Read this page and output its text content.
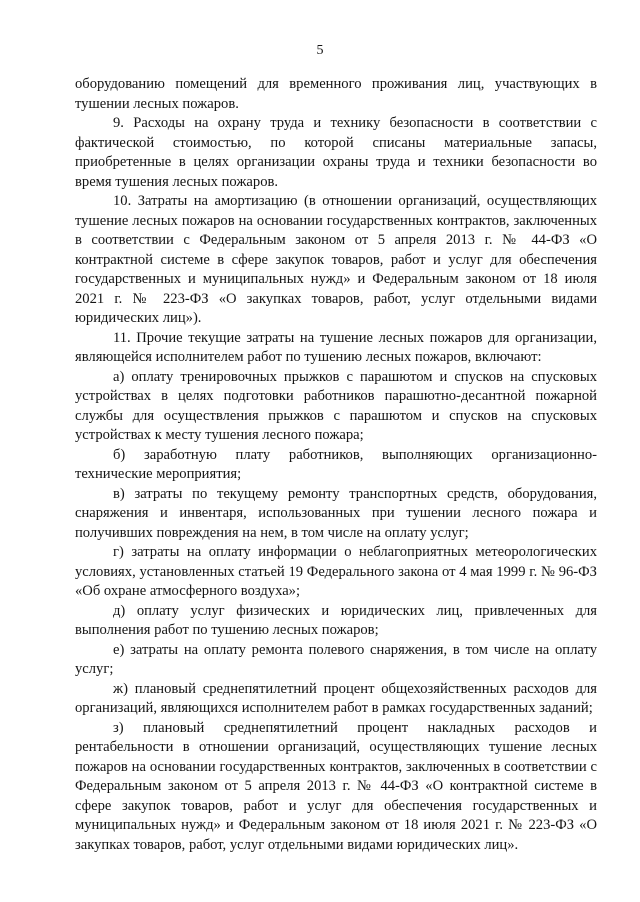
5

оборудованию помещений для временного проживания лиц, участвующих в тушении лесных пожаров.

9. Расходы на охрану труда и технику безопасности в соответствии с фактической стоимостью, по которой списаны материальные запасы, приобретенные в целях организации охраны труда и техники безопасности во время тушения лесных пожаров.

10. Затраты на амортизацию (в отношении организаций, осуществляющих тушение лесных пожаров на основании государственных контрактов, заключенных в соответствии с Федеральным законом от 5 апреля 2013 г. № 44-ФЗ «О контрактной системе в сфере закупок товаров, работ и услуг для обеспечения государственных и муниципальных нужд» и Федеральным законом от 18 июля 2021 г. № 223-ФЗ «О закупках товаров, работ, услуг отдельными видами юридических лиц»).

11. Прочие текущие затраты на тушение лесных пожаров для организации, являющейся исполнителем работ по тушению лесных пожаров, включают:

а) оплату тренировочных прыжков с парашютом и спусков на спусковых устройствах в целях подготовки работников парашютно-десантной пожарной службы для осуществления прыжков с парашютом и спусков на спусковых устройствах к месту тушения лесного пожара;

б) заработную плату работников, выполняющих организационно-технические мероприятия;

в) затраты по текущему ремонту транспортных средств, оборудования, снаряжения и инвентаря, использованных при тушении лесного пожара и получивших повреждения на нем, в том числе на оплату услуг;

г) затраты на оплату информации о неблагоприятных метеорологических условиях, установленных статьей 19 Федерального закона от 4 мая 1999 г. № 96-ФЗ «Об охране атмосферного воздуха»;

д) оплату услуг физических и юридических лиц, привлеченных для выполнения работ по тушению лесных пожаров;

е) затраты на оплату ремонта полевого снаряжения, в том числе на оплату услуг;

ж) плановый среднепятилетний процент общехозяйственных расходов для организаций, являющихся исполнителем работ в рамках государственных заданий;

з) плановый среднепятилетний процент накладных расходов и рентабельности в отношении организаций, осуществляющих тушение лесных пожаров на основании государственных контрактов, заключенных в соответствии с Федеральным законом от 5 апреля 2013 г. № 44-ФЗ «О контрактной системе в сфере закупок товаров, работ и услуг для обеспечения государственных и муниципальных нужд» и Федеральным законом от 18 июля 2021 г. № 223-ФЗ «О закупках товаров, работ, услуг отдельными видами юридических лиц».
